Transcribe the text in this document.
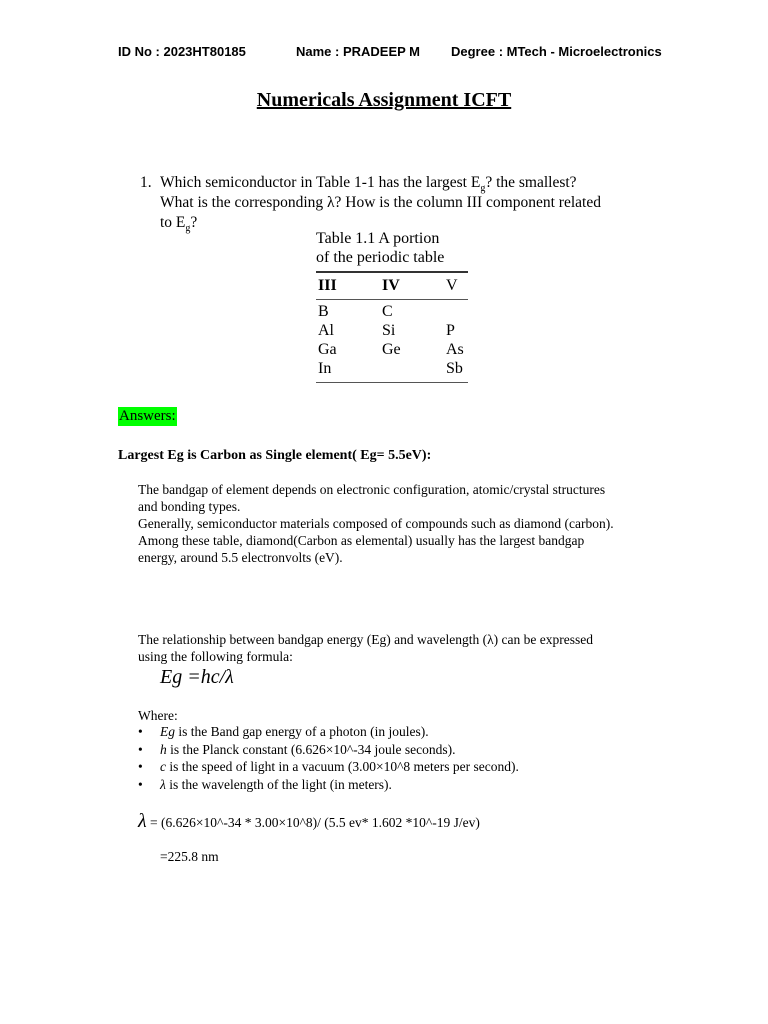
ID No : 2023HT80185	Name : PRADEEP M Degree : MTech - Microelectronics
Numericals Assignment ICFT
1. Which semiconductor in Table 1-1 has the largest $E_g$? the smallest?
What is the corresponding λ? How is the column III component related
to $E_g$?
Table 1.1 A portion
of the periodic table
III	IV	V
B	C	
Al	Si	P
Ga	Ge	As
In		Sb
Answers:
Largest Eg is Carbon as Single element( Eg= 5.5eV):
The bandgap of element depends on electronic configuration, atomic/crystal structures
and bonding types.
Generally, semiconductor materials composed of compounds such as diamond (carbon).
Among these table, diamond(Carbon as elemental) usually has the largest bandgap
energy, around 5.5 electronvolts (eV).
The relationship between bandgap energy (Eg) and wavelength (λ) can be expressed
using the following formula:
Eg =hc/λ
Where:
• Eg is the Band gap energy of a photon (in joules).
• h is the Planck constant (6.626×10^-34 joule seconds).
• c is the speed of light in a vacuum (3.00×10^8 meters per second).
• λ is the wavelength of the light (in meters).
λ = (6.626×10^-34 * 3.00×10^8)/ (5.5 ev* 1.602 *10^-19 J/ev)
=225.8 nm
